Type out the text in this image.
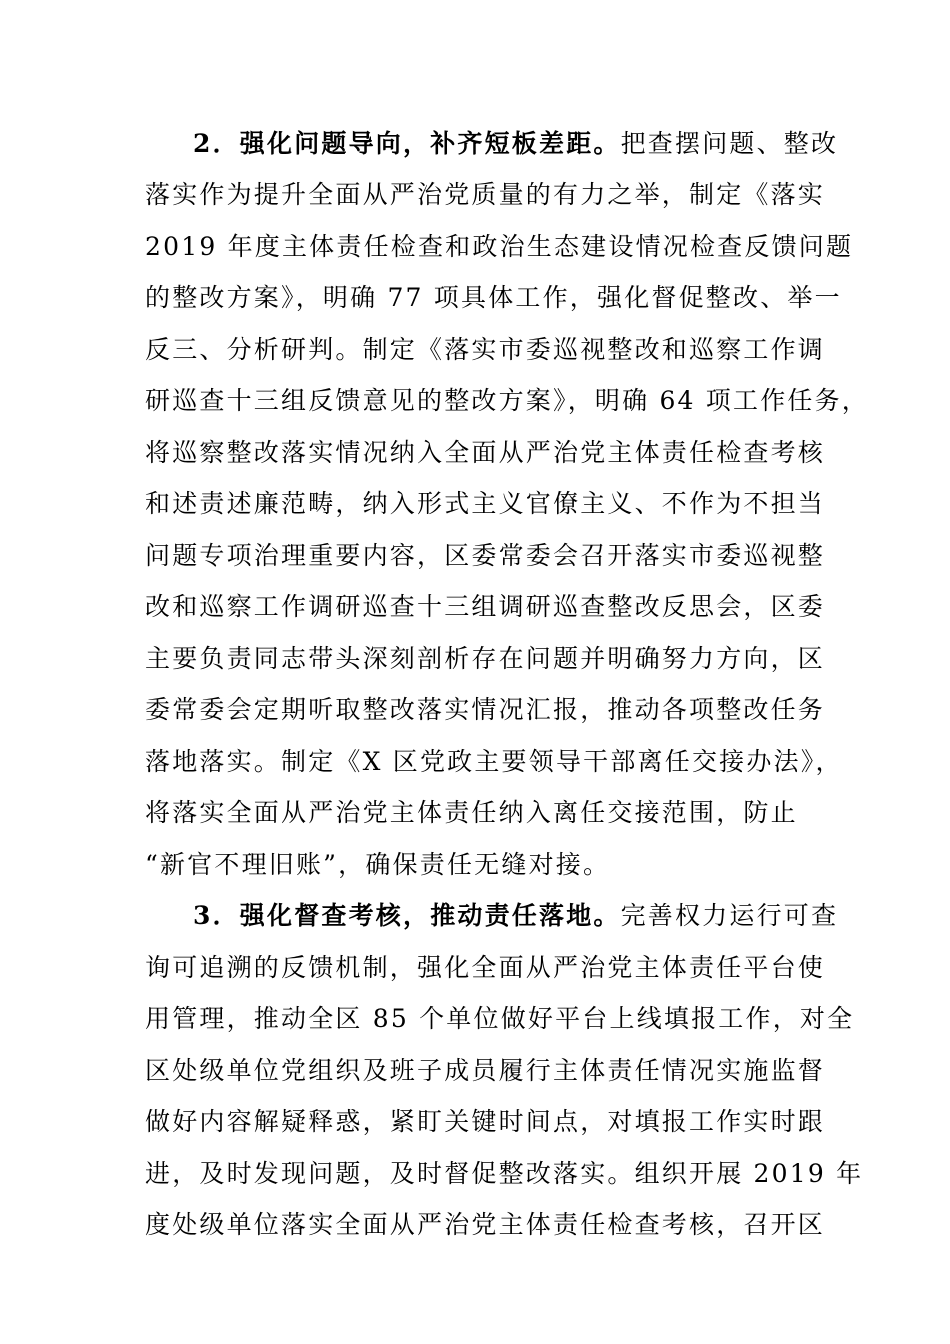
2．强化问题导向，补齐短板差距。把查摆问题、整改
落实作为提升全面从严治党质量的有力之举，制定《落实
2019 年度主体责任检查和政治生态建设情况检查反馈问题
的整改方案》，明确 77 项具体工作，强化督促整改、举一
反三、分析研判。制定《落实市委巡视整改和巡察工作调
研巡查十三组反馈意见的整改方案》，明确 64 项工作任务，
将巡察整改落实情况纳入全面从严治党主体责任检查考核
和述责述廉范畴，纳入形式主义官僚主义、不作为不担当
问题专项治理重要内容，区委常委会召开落实市委巡视整
改和巡察工作调研巡查十三组调研巡查整改反思会，区委
主要负责同志带头深刻剖析存在问题并明确努力方向，区
委常委会定期听取整改落实情况汇报，推动各项整改任务
落地落实。制定《X 区党政主要领导干部离任交接办法》，
将落实全面从严治党主体责任纳入离任交接范围，防止
“新官不理旧账”，确保责任无缝对接。
3．强化督查考核，推动责任落地。完善权力运行可查
询可追溯的反馈机制，强化全面从严治党主体责任平台使
用管理，推动全区 85 个单位做好平台上线填报工作，对全
区处级单位党组织及班子成员履行主体责任情况实施监督
做好内容解疑释惑，紧盯关键时间点，对填报工作实时跟
进，及时发现问题，及时督促整改落实。组织开展 2019 年
度处级单位落实全面从严治党主体责任检查考核，召开区
